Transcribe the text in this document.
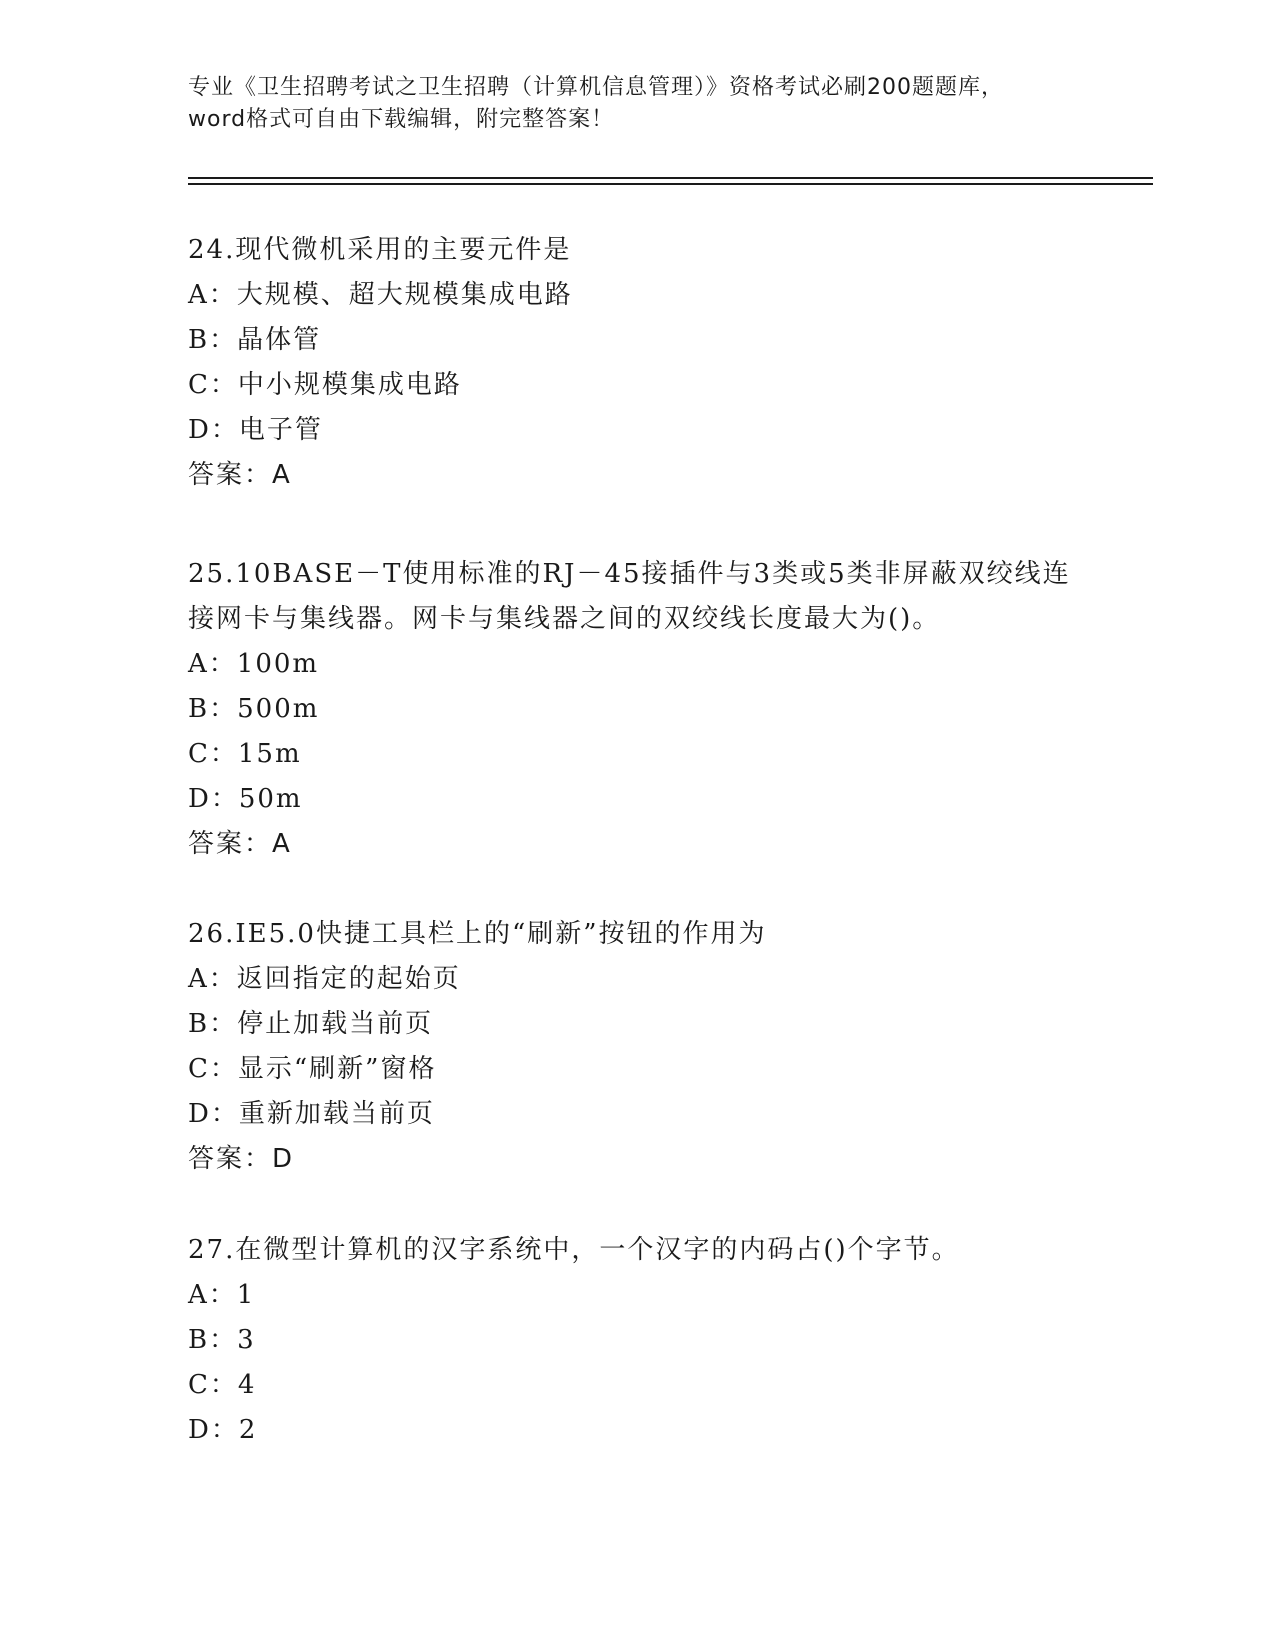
专业《卫生招聘考试之卫生招聘（计算机信息管理）》资格考试必刷200题题库，

word格式可自由下载编辑，附完整答案！

24.现代微机采用的主要元件是
A：大规模、超大规模集成电路
B：晶体管
C：中小规模集成电路
D：电子管
答案：A
25.10BASE－T使用标准的RJ－45接插件与3类或5类非屏蔽双绞线连
接网卡与集线器。网卡与集线器之间的双绞线长度最大为()。
A：100m
B：500m
C：15m
D：50m
答案：A
26.IE5.0快捷工具栏上的“刷新”按钮的作用为
A：返回指定的起始页
B：停止加载当前页
C：显示“刷新”窗格
D：重新加载当前页
答案：D
27.在微型计算机的汉字系统中，一个汉字的内码占()个字节。
A：1
B：3
C：4
D：2
